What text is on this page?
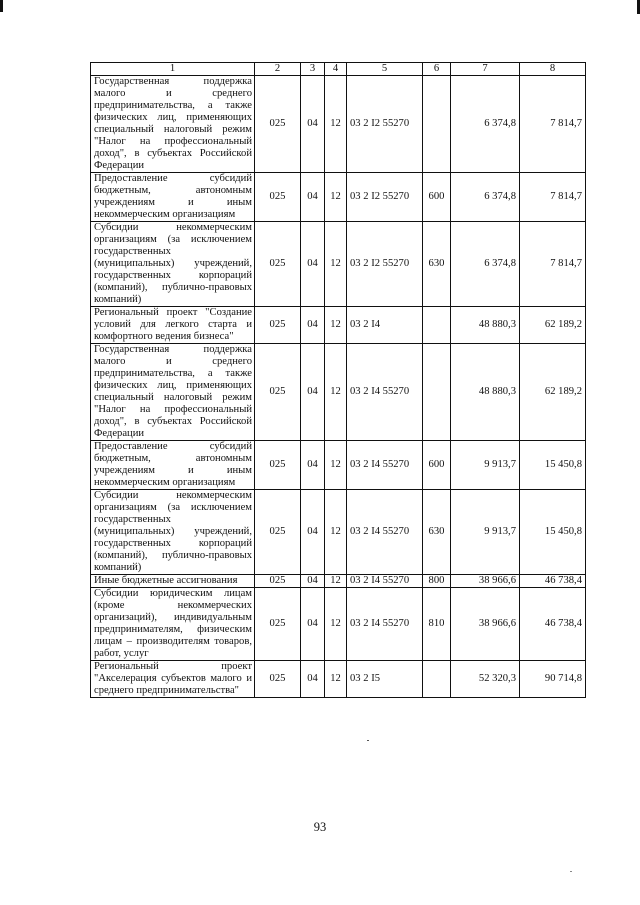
1	2	3	4	5	6	7	8
Государственная поддержка малого и среднего предпринимательства, а также физических лиц, применяющих специальный налоговый режим "Налог на профессиональный доход", в субъектах Российской Федерации	025	04	12	03 2 I2 55270		6 374,8	7 814,7
Предоставление субсидий бюджетным, автономным учреждениям и иным некоммерческим организациям	025	04	12	03 2 I2 55270	600	6 374,8	7 814,7
Субсидии некоммерческим организациям (за исключением государственных (муниципальных) учреждений, государственных корпораций (компаний), публично-правовых компаний)	025	04	12	03 2 I2 55270	630	6 374,8	7 814,7
Региональный проект "Создание условий для легкого старта и комфортного ведения бизнеса"	025	04	12	03 2 I4		48 880,3	62 189,2
Государственная поддержка малого и среднего предпринимательства, а также физических лиц, применяющих специальный налоговый режим "Налог на профессиональный доход", в субъектах Российской Федерации	025	04	12	03 2 I4 55270		48 880,3	62 189,2
Предоставление субсидий бюджетным, автономным учреждениям и иным некоммерческим организациям	025	04	12	03 2 I4 55270	600	9 913,7	15 450,8
Субсидии некоммерческим организациям (за исключением государственных (муниципальных) учреждений, государственных корпораций (компаний), публично-правовых компаний)	025	04	12	03 2 I4 55270	630	9 913,7	15 450,8
Иные бюджетные ассигнования	025	04	12	03 2 I4 55270	800	38 966,6	46 738,4
Субсидии юридическим лицам (кроме некоммерческих организаций), индивидуальным предпринимателям, физическим лицам – производителям товаров, работ, услуг	025	04	12	03 2 I4 55270	810	38 966,6	46 738,4
Региональный проект "Акселерация субъектов малого и среднего предпринимательства"	025	04	12	03 2 I5		52 320,3	90 714,8
93
